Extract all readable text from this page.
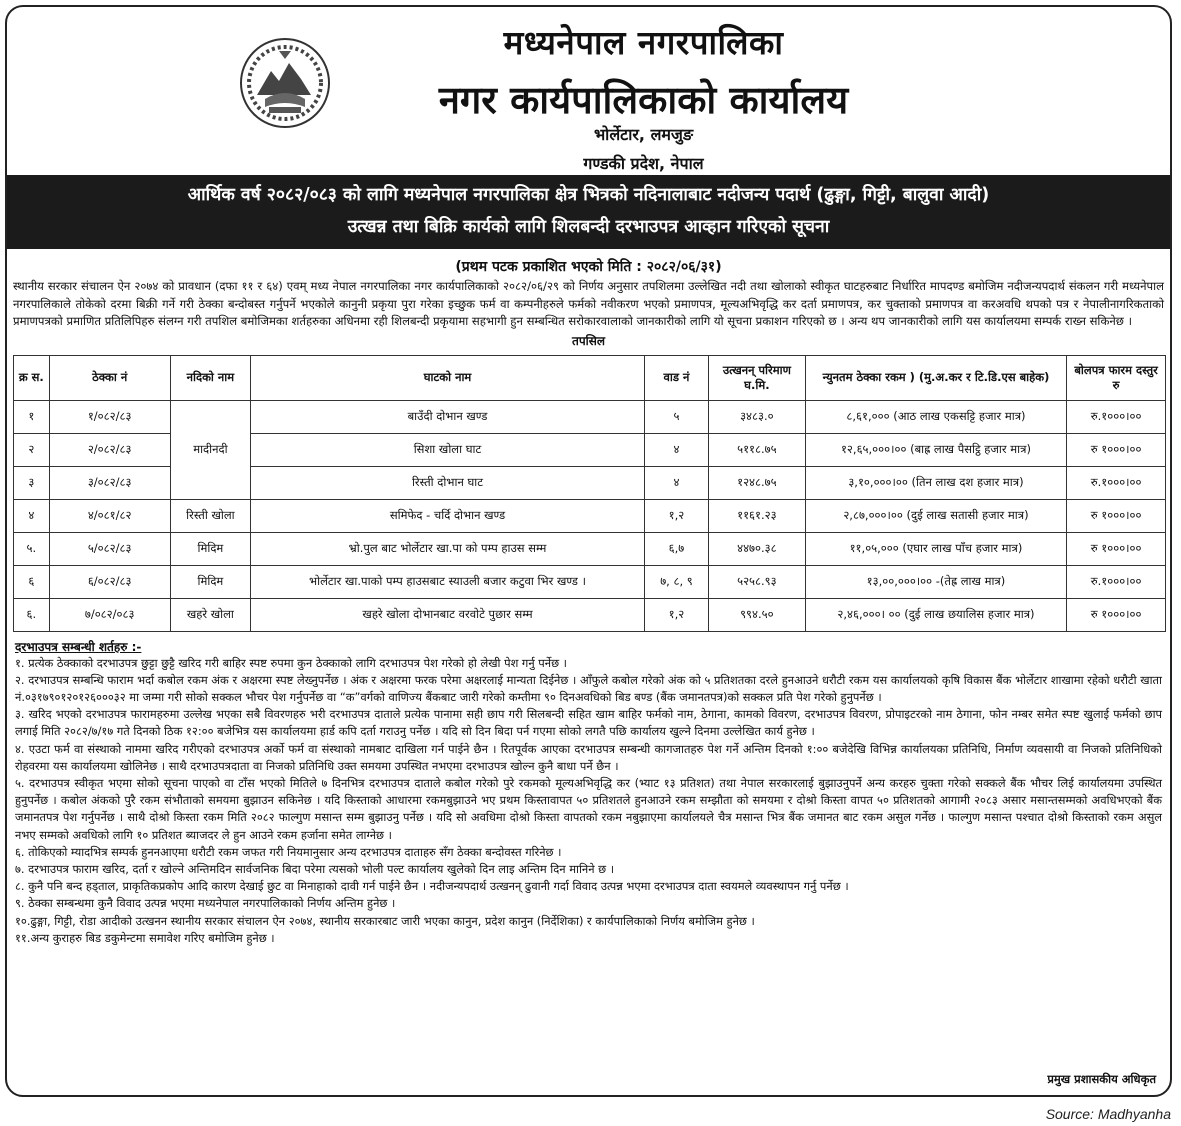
मध्यनेपाल नगरपालिका
नगर कार्यपालिकाको कार्यालय
भोर्लेटार, लमजुङ
गण्डकी प्रदेश, नेपाल
आर्थिक वर्ष २०८२/०८३ को लागि मध्यनेपाल नगरपालिका क्षेत्र भित्रको नदिनालाबाट नदीजन्य पदार्थ (ढुङ्गा, गिट्टी, बालुवा आदी)
उत्खन्न तथा बिक्रि कार्यको लागि शिलबन्दी दरभाउपत्र आव्हान गरिएको सूचना
(प्रथम पटक प्रकाशित भएको मिति : २०८२/०६/३१)
स्थानीय सरकार संचालन ऐन २०७४ को प्रावधान (दफा ११ र ६४) एवम् मध्य नेपाल नगरपालिका नगर कार्यपालिकाको २०८२/०६/२९ को निर्णय अनुसार तपशिलमा उल्लेखित नदी तथा खोलाको स्वीकृत घाटहरुबाट निर्धारित मापदण्ड बमोजिम नदीजन्यपदार्थ संकलन गरी मध्यनेपाल नगरपालिकाले तोकेको दरमा बिक्री गर्ने गरी ठेक्का बन्दोबस्त गर्नुपर्ने भएकोले कानुनी प्रकृया पुरा गरेका इच्छुक फर्म वा कम्पनीहरुले फर्मको नवीकरण भएको प्रमाणपत्र, मूल्यअभिवृद्धि कर दर्ता प्रमाणपत्र, कर चुक्ताको प्रमाणपत्र वा करअवधि थपको पत्र र नेपालीनागरिकताको प्रमाणपत्रको प्रमाणित प्रतिलिपिहरु संलग्न गरी तपशिल बमोजिमका शर्तहरुका अधिनमा रही शिलबन्दी प्रकृयामा सहभागी हुन सम्बन्धित सरोकारवालाको जानकारीको लागि यो सूचना प्रकाशन गरिएको छ । अन्य थप जानकारीको लागि यस कार्यालयमा सम्पर्क राख्न सकिनेछ ।
तपसिल
क्र स.	ठेक्का नं	नदिको नाम	घाटको नाम	वाड नं	उत्खनन् परिमाण घ.मि.	न्युनतम ठेक्का रकम ) (मु.अ.कर र टि.डि.एस बाहेक)	बोलपत्र फारम दस्तुर रु
१	१/०८२/८३	मादीनदी	बाउँदी दोभान खण्ड	५	३४८३.०	८,६१,००० (आठ लाख एकसट्टि हजार मात्र)	रु.१०००।००
२	२/०८२/८३		सिशा खोला घाट	४	५११८.७५	१२,६५,०००।०० (बाह्र लाख पैसट्ठि हजार मात्र)	रु १०००।००
३	३/०८२/८३		रिस्ती दोभान घाट	४	१२४८.७५	३,१०,०००।०० (तिन लाख दश हजार मात्र)	रु.१०००।००
४	४/०८१/८२	रिस्ती खोला	समिफेद - चर्दि दोभान खण्ड	१,२	११६१.२३	२,८७,०००।०० (दुई लाख सतासी हजार मात्र)	रु १०००।००
५.	५/०८२/८३	मिदिम	भ्रो.पुल बाट भोर्लेटार खा.पा को पम्प हाउस सम्म	६,७	४४७०.३८	११,०५,००० (एघार लाख पाँच हजार मात्र)	रु १०००।००
६	६/०८२/८३	मिदिम	भोर्लेटार खा.पाको पम्प हाउसबाट स्याउली बजार कटुवा भिर खण्ड ।	७, ८, ९	५२५८.९३	१३,००,०००।०० -(तेह्र लाख मात्र)	रु.१०००।००
६.	७/०८२/०८३	खहरे खोला	खहरे खोला दोभानबाट वरवोटे पुछार सम्म	१,२	९९४.५०	२,४६,०००। ०० (दुई लाख छयालिस हजार मात्र)	रु १०००।००
दरभाउपत्र सम्बन्धी शर्तहरु :-

१. प्रत्येक ठेक्काको दरभाउपत्र छुट्टा छुट्टै खरिद गरी बाहिर स्पष्ट रुपमा कुन ठेक्काको लागि दरभाउपत्र पेश गरेको हो लेखी पेश गर्नु पर्नेछ ।

२. दरभाउपत्र सम्बन्धि फाराम भर्दा कबोल रकम अंक र अक्षरमा स्पष्ट लेख्नुपर्नेछ । अंक र अक्षरमा फरक परेमा अक्षरलाई मान्यता दिईनेछ । आँफुले कबोल गरेको अंक को ५ प्रतिशतका दरले हुनआउने धरौटी रकम यस कार्यालयको कृषि विकास बैंक भोर्लेटार शाखामा रहेको धरौटी खाता नं.०३१७९०१२०१२६०००३२ मा जम्मा गरी सोको सक्कल भौचर पेश गर्नुपर्नेछ वा “क”वर्गको वाणिज्य बैंकबाट जारी गरेको कम्तीमा ९० दिनअवधिको बिड बण्ड (बैंक जमानतपत्र)को सक्कल प्रति पेश गरेको हुनुपर्नेछ ।

३. खरिद भएको दरभाउपत्र फारामहरुमा उल्लेख भएका सबै विवरणहरु भरी दरभाउपत्र दाताले प्रत्येक पानामा सही छाप गरी सिलबन्दी सहित खाम बाहिर फर्मको नाम, ठेगाना, कामको विवरण, दरभाउपत्र विवरण, प्रोपाइटरको नाम ठेगाना, फोन नम्बर समेत स्पष्ट खुलाई फर्मको छाप लगाई मिति २०८२/७/१७ गते दिनको ठिक १२:०० बजेभित्र यस कार्यालयमा हार्ड कपि दर्ता गराउनु पर्नेछ । यदि सो दिन बिदा पर्न गएमा सोको लगतै पछि कार्यालय खुल्ने दिनमा उल्लेखित कार्य हुनेछ ।

४. एउटा फर्म वा संस्थाको नाममा खरिद गरीएको दरभाउपत्र अर्को फर्म वा संस्थाको नामबाट दाखिला गर्न पाईने छैन । रितपूर्वक आएका दरभाउपत्र सम्बन्धी कागजातहरु पेश गर्ने अन्तिम दिनको १:०० बजेदेखि विभिन्न कार्यालयका प्रतिनिधि, निर्माण व्यवसायी वा निजको प्रतिनिधिको रोहवरमा यस कार्यालयमा खोलिनेछ । साथै दरभाउपत्रदाता वा निजको प्रतिनिधि उक्त समयमा उपस्थित नभएमा दरभाउपत्र खोल्न कुनै बाधा पर्ने छैन ।

५. दरभाउपत्र स्वीकृत भएमा सोको सूचना पाएको वा टाँस भएको मितिले ७ दिनभित्र दरभाउपत्र दाताले कबोल गरेको पुरे रकमको मूल्यअभिवृद्धि कर (भ्याट १३ प्रतिशत) तथा नेपाल सरकारलाई बुझाउनुपर्ने अन्य करहरु चुक्ता गरेको सक्कले बैंक भौचर लिई कार्यालयमा उपस्थित हुनुपर्नेछ । कबोल अंकको पुरै रकम संभौताको समयमा बुझाउन सकिनेछ । यदि किस्ताको आधारमा रकमबुझाउने भए प्रथम किस्तावापत ५० प्रतिशतले हुनआउने रकम सम्झौता को समयमा र दोश्रो किस्ता वापत ५० प्रतिशतको आगामी २०८३ असार मसान्तसम्मको अवधिभएको बैंक जमानतपत्र पेश गर्नुपर्नेछ । साथै दोश्रो किस्ता रकम मिति २०८२ फाल्गुण मसान्त सम्म बुझाउनु पर्नेछ । यदि सो अवधिमा दोश्रो किस्ता वापतको रकम नबुझाएमा कार्यालयले चैत्र मसान्त भित्र बैंक जमानत बाट रकम असुल गर्नेछ । फाल्गुण मसान्त पश्चात दोश्रो किस्ताको रकम असुल नभए सम्मको अवधिको लागि १० प्रतिशत ब्याजदर ले हुन आउने रकम हर्जाना समेत लाग्नेछ ।

६. तोकिएको म्यादभित्र सम्पर्क हुननआएमा धरौटी रकम जफत गरी नियमानुसार अन्य दरभाउपत्र दाताहरु सँग ठेक्का बन्दोवस्त गरिनेछ ।

७. दरभाउपत्र फाराम खरिद, दर्ता र खोल्ने अन्तिमदिन सार्वजनिक बिदा परेमा त्यसको भोली पल्ट कार्यालय खुलेको दिन लाइ अन्तिम दिन मानिने छ ।

८. कुनै पनि बन्द हड्ताल, प्राकृतिकप्रकोप आदि कारण देखाई छुट वा मिनाहाको दावी गर्न पाईने छैन । नदीजन्यपदार्थ उत्खनन् ढुवानी गर्दा विवाद उत्पन्न भएमा दरभाउपत्र दाता स्वयमले व्यवस्थापन गर्नु पर्नेछ ।

९. ठेक्का सम्बन्धमा कुनै विवाद उत्पन्न भएमा मध्यनेपाल नगरपालिकाको निर्णय अन्तिम हुनेछ ।

१०.ढुङ्गा, गिट्टी, रोडा आदीको उत्खनन स्थानीय सरकार संचालन ऐन २०७४, स्थानीय सरकारबाट जारी भएका कानुन, प्रदेश कानुन (निर्देशिका) र कार्यपालिकाको निर्णय बमोजिम हुनेछ ।

११.अन्य कुराहरु बिड डकुमेन्टमा समावेश गरिए बमोजिम हुनेछ ।

प्रमुख प्रशासकीय अधिकृत
Source: Madhyanha
